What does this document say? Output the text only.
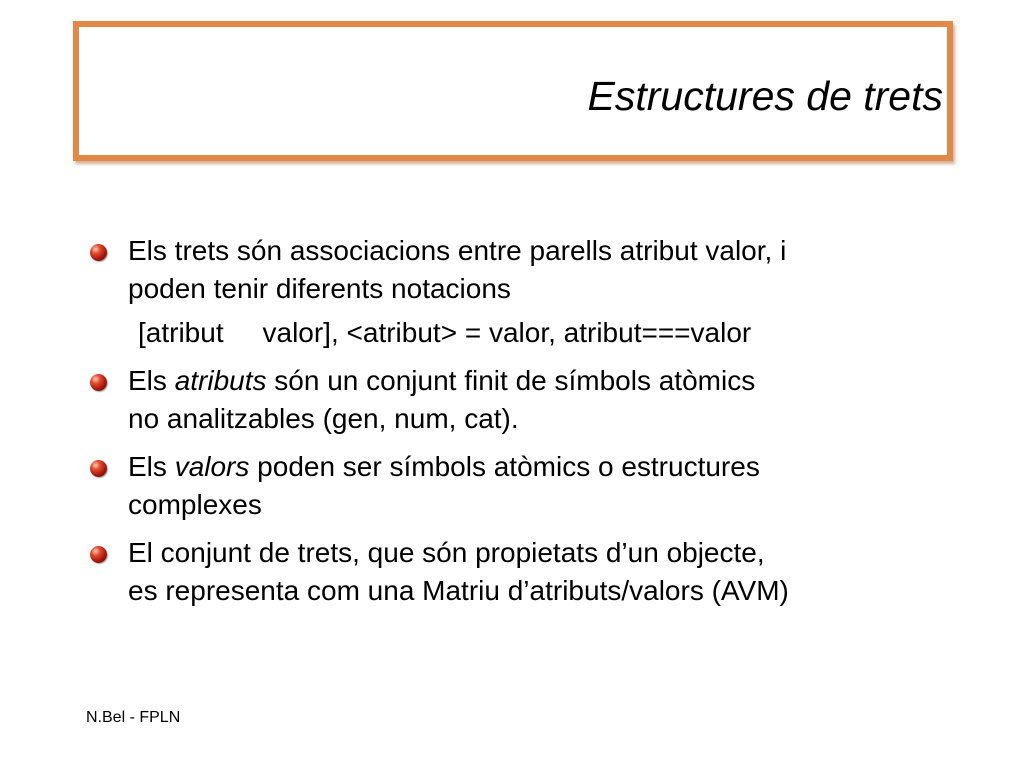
Estructures de trets
Els trets són associacions entre parells atribut valor, i
poden tenir diferents notacions
[atribut     valor], <atribut> = valor, atribut===valor
Els atributs són un conjunt finit de símbols atòmics
no analitzables (gen, num, cat).
Els valors poden ser símbols atòmics o estructures
complexes
El conjunt de trets, que són propietats d’un objecte,
es representa com una Matriu d’atributs/valors (AVM)
N.Bel - FPLN
